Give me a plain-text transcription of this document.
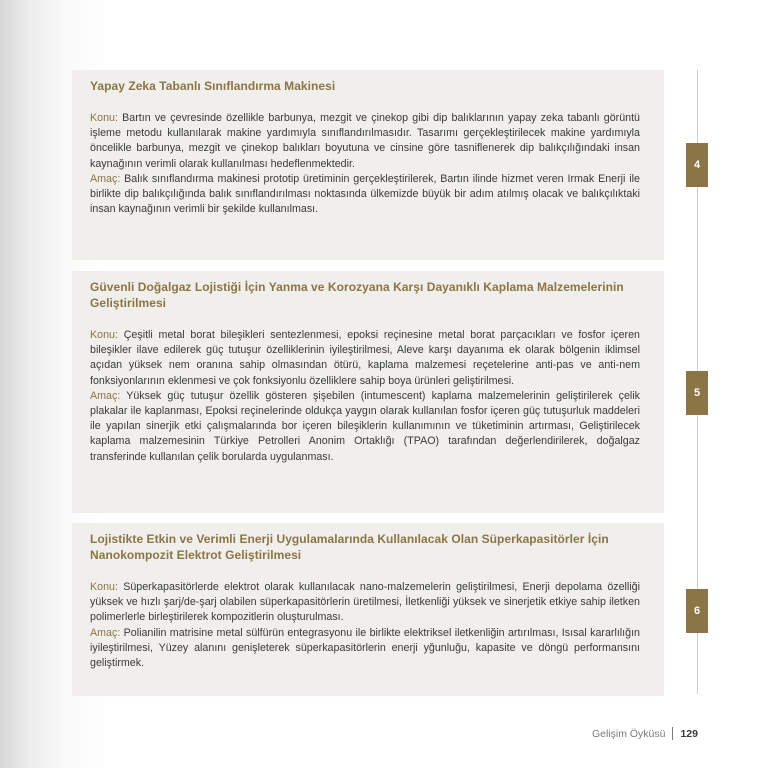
Yapay Zeka Tabanlı Sınıflandırma Makinesi

Konu: Bartın ve çevresinde özellikle barbunya, mezgit ve çinekop gibi dip balıklarının yapay zeka tabanlı görüntü işleme metodu kullanılarak makine yardımıyla sınıflandırılmasıdır. Tasarımı gerçekleştirilecek makine yardımıyla öncelikle barbunya, mezgit ve çinekop balıkları boyutuna ve cinsine göre tasniflenerek dip balıkçılığındaki insan kaynağının verimli olarak kullanılması hedeflenmektedir.

Amaç: Balık sınıflandırma makinesi prototip üretiminin gerçekleştirilerek, Bartın ilinde hizmet veren Irmak Enerji ile birlikte dip balıkçılığında balık sınıflandırılması noktasında ülkemizde büyük bir adım atılmış olacak ve balıkçılıktaki insan kaynağının verimli bir şekilde kullanılması.

Güvenli Doğalgaz Lojistiği İçin Yanma ve Korozyana Karşı Dayanıklı Kaplama Malzemelerinin Geliştirilmesi

Konu: Çeşitli metal borat bileşikleri sentezlenmesi, epoksi reçinesine metal borat parçacıkları ve fosfor içeren bileşikler ilave edilerek güç tutuşur özelliklerinin iyileştirilmesi, Aleve karşı dayanıma ek olarak bölgenin iklimsel açıdan yüksek nem oranına sahip olmasından ötürü, kaplama malzemesi reçetelerine anti-pas ve anti-nem fonksiyonlarının eklenmesi ve çok fonksiyonlu özelliklere sahip boya ürünleri geliştirilmesi.

Amaç: Yüksek güç tutuşur özellik gösteren şişebilen (intumescent) kaplama malzemelerinin geliştirilerek çelik plakalar ile kaplanması, Epoksi reçinelerinde oldukça yaygın olarak kullanılan fosfor içeren güç tutuşurluk maddeleri ile yapılan sinerjik etki çalışmalarında bor içeren bileşiklerin kullanımının ve tüketiminin artırması, Geliştirilecek kaplama malzemesinin Türkiye Petrolleri Anonim Ortaklığı (TPAO) tarafından değerlendirilerek, doğalgaz transferinde kullanılan çelik borularda uygulanması.

Lojistikte Etkin ve Verimli Enerji Uygulamalarında Kullanılacak Olan Süperkapasitörler İçin Nanokompozit Elektrot Geliştirilmesi

Konu: Süperkapasitörlerde elektrot olarak kullanılacak nano-malzemelerin geliştirilmesi, Enerji depolama özelliği yüksek ve hızlı şarj/de-şarj olabilen süperkapasitörlerin üretilmesi, İletkenliği yüksek ve sinerjetik etkiye sahip iletken polimerlerle birleştirilerek kompozitlerin oluşturulması.

Amaç: Polianilin matrisine metal sülfürün entegrasyonu ile birlikte elektriksel iletkenliğin artırılması, Isısal kararlılığın iyileştirilmesi, Yüzey alanını genişleterek süperkapasitörlerin enerji yğunluğu, kapasite ve döngü performansını geliştirmek.

4
5
6
Gelişim Öyküsü 129
